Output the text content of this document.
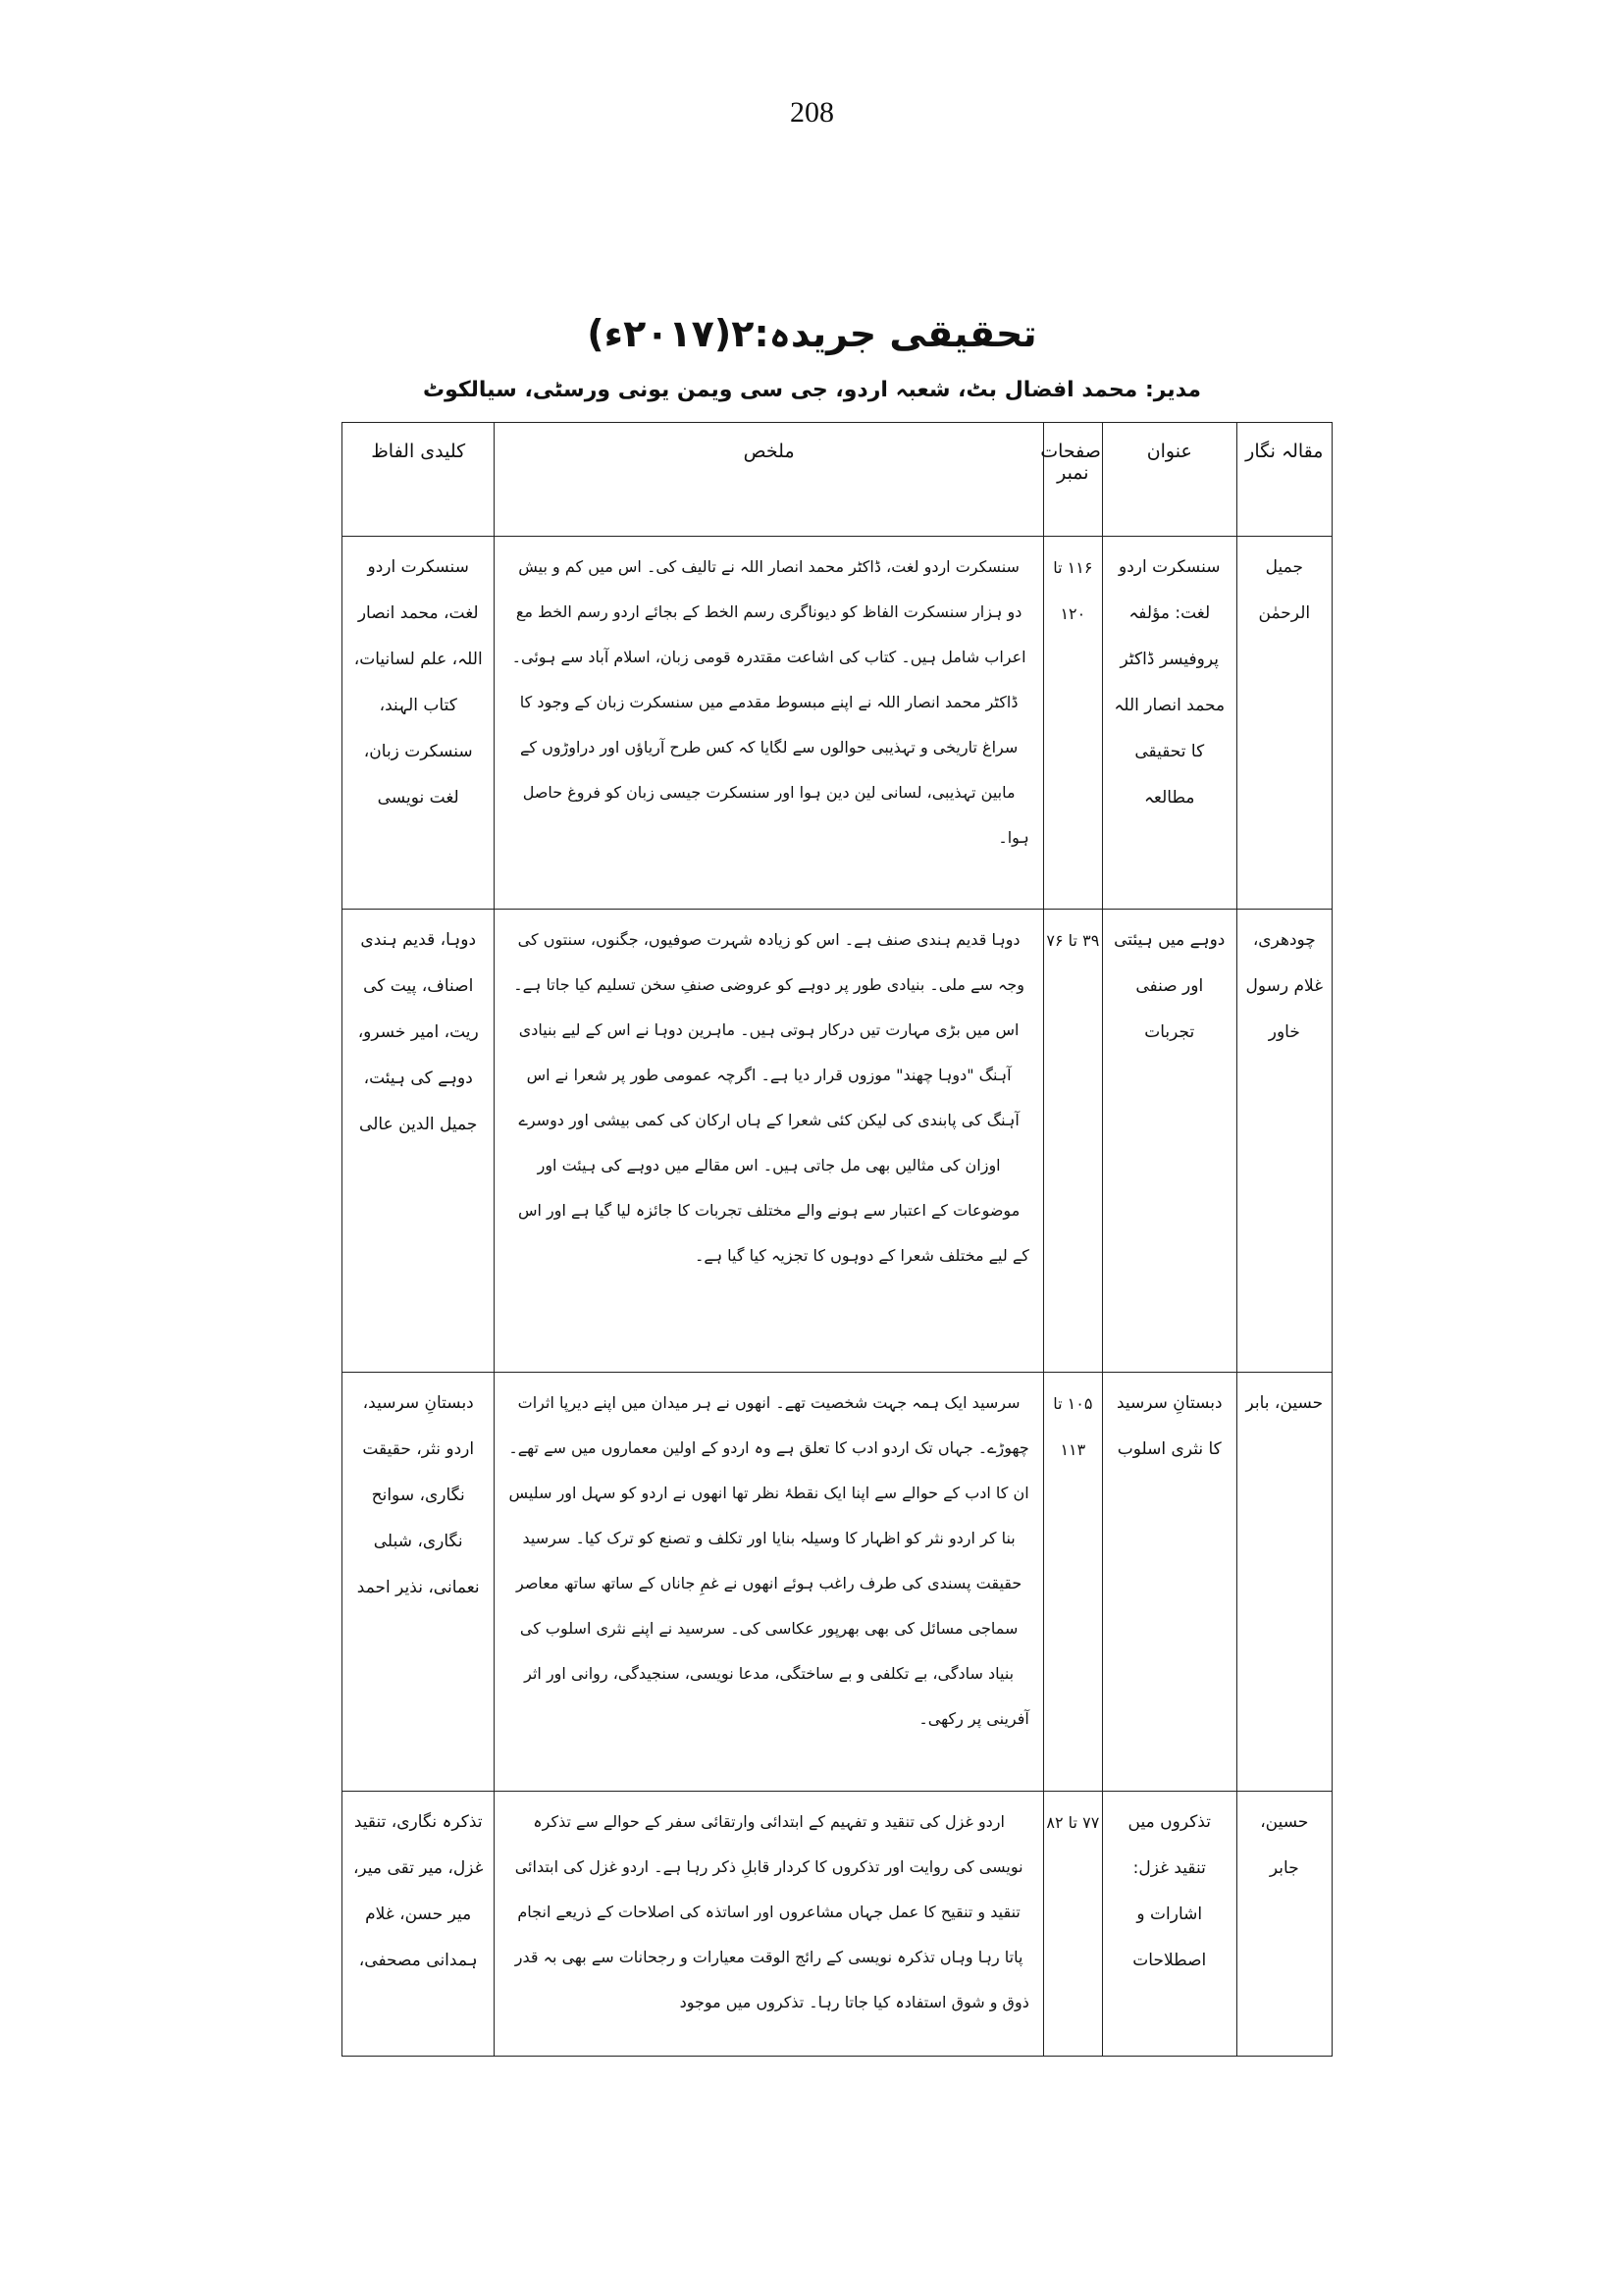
208
تحقیقی جریدہ:۲(۲۰۱۷ء)
مدیر: محمد افضال بٹ، شعبہ اردو، جی سی ویمن یونی ورسٹی، سیالکوٹ
مقالہ نگار	عنوان	صفحات نمبر	ملخص	کلیدی الفاظ
جمیل الرحمٰن	سنسکرت اردو لغت: مؤلفہ پروفیسر ڈاکٹر محمد انصار اللہ کا تحقیقی مطالعہ	۱۱۶ تا ۱۲۰	سنسکرت اردو لغت، ڈاکٹر محمد انصار اللہ نے تالیف کی۔ اس میں کم و بیش دو ہزار سنسکرت الفاظ کو دیوناگری رسم الخط کے بجائے اردو رسم الخط مع اعراب شامل ہیں۔ کتاب کی اشاعت مقتدرہ قومی زبان، اسلام آباد سے ہوئی۔ ڈاکٹر محمد انصار اللہ نے اپنے مبسوط مقدمے میں سنسکرت زبان کے وجود کا سراغ تاریخی و تہذیبی حوالوں سے لگایا کہ کس طرح آریاؤں اور دراوڑوں کے مابین تہذیبی، لسانی لین دین ہوا اور سنسکرت جیسی زبان کو فروغ حاصل ہوا۔	سنسکرت اردو لغت، محمد انصار اللہ، علم لسانیات، کتاب الہند، سنسکرت زبان، لغت نویسی
چودھری، غلام رسول خاور	دوہے میں ہیئتی اور صنفی تجربات	۳۹ تا ۷۶	دوہا قدیم ہندی صنف ہے۔ اس کو زیادہ شہرت صوفیوں، جگنوں، سنتوں کی وجہ سے ملی۔ بنیادی طور پر دوہے کو عروضی صنفِ سخن تسلیم کیا جاتا ہے۔ اس میں بڑی مہارت تیں درکار ہوتی ہیں۔ ماہرین دوہا نے اس کے لیے بنیادی آہنگ "دوہا چھند" موزوں قرار دیا ہے۔ اگرچہ عمومی طور پر شعرا نے اس آہنگ کی پابندی کی لیکن کئی شعرا کے ہاں ارکان کی کمی بیشی اور دوسرے اوزان کی مثالیں بھی مل جاتی ہیں۔ اس مقالے میں دوہے کی ہیئت اور موضوعات کے اعتبار سے ہونے والے مختلف تجربات کا جائزہ لیا گیا ہے اور اس کے لیے مختلف شعرا کے دوہوں کا تجزیہ کیا گیا ہے۔	دوہا، قدیم ہندی اصناف، پیت کی ریت، امیر خسرو، دوہے کی ہیئت، جمیل الدین عالی
حسین، بابر	دبستانِ سرسید کا نثری اسلوب	۱۰۵ تا ۱۱۳	سرسید ایک ہمہ جہت شخصیت تھے۔ انھوں نے ہر میدان میں اپنے دیرپا اثرات چھوڑے۔ جہاں تک اردو ادب کا تعلق ہے وہ اردو کے اولین معماروں میں سے تھے۔ ان کا ادب کے حوالے سے اپنا ایک نقطۂ نظر تھا انھوں نے اردو کو سہل اور سلیس بنا کر اردو نثر کو اظہار کا وسیلہ بنایا اور تکلف و تصنع کو ترک کیا۔ سرسید حقیقت پسندی کی طرف راغب ہوئے انھوں نے غمِ جاناں کے ساتھ ساتھ معاصر سماجی مسائل کی بھی بھرپور عکاسی کی۔ سرسید نے اپنے نثری اسلوب کی بنیاد سادگی، بے تکلفی و بے ساختگی، مدعا نویسی، سنجیدگی، روانی اور اثر آفرینی پر رکھی۔	دبستانِ سرسید، اردو نثر، حقیقت نگاری، سوانح نگاری، شبلی نعمانی، نذیر احمد
حسین، جابر	تذکروں میں تنقید غزل: اشارات و اصطلاحات	۷۷ تا ۸۲	اردو غزل کی تنقید و تفہیم کے ابتدائی وارتقائی سفر کے حوالے سے تذکرہ نویسی کی روایت اور تذکروں کا کردار قابلِ ذکر رہا ہے۔ اردو غزل کی ابتدائی تنقید و تنقیح کا عمل جہاں مشاعروں اور اساتذہ کی اصلاحات کے ذریعے انجام پاتا رہا وہاں تذکرہ نویسی کے رائج الوقت معیارات و رجحانات سے بھی بہ قدر ذوق و شوق استفادہ کیا جاتا رہا۔ تذکروں میں موجود	تذکرہ نگاری، تنقید غزل، میر تقی میر، میر حسن، غلام ہمدانی مصحفی،
